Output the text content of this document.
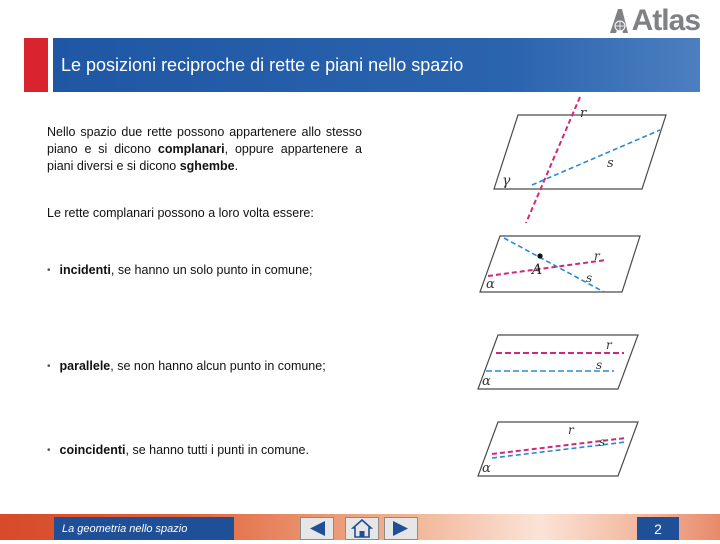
Atlas
Le posizioni reciproche di rette e piani nello spazio

Nello spazio due rette possono appartenere allo stesso piano e si dicono complanari, oppure appartenere a piani diversi e si dicono sghembe.

Le rette complanari possono a loro volta essere:

• incidenti , se hanno un solo punto in comune;
• parallele , se non hanno alcun punto in comune;
• coincidenti , se hanno tutti i punti in comune.
γ
r
s
α
A
r
s
α
r
s
α
r
s
La geometria nello spazio	2
